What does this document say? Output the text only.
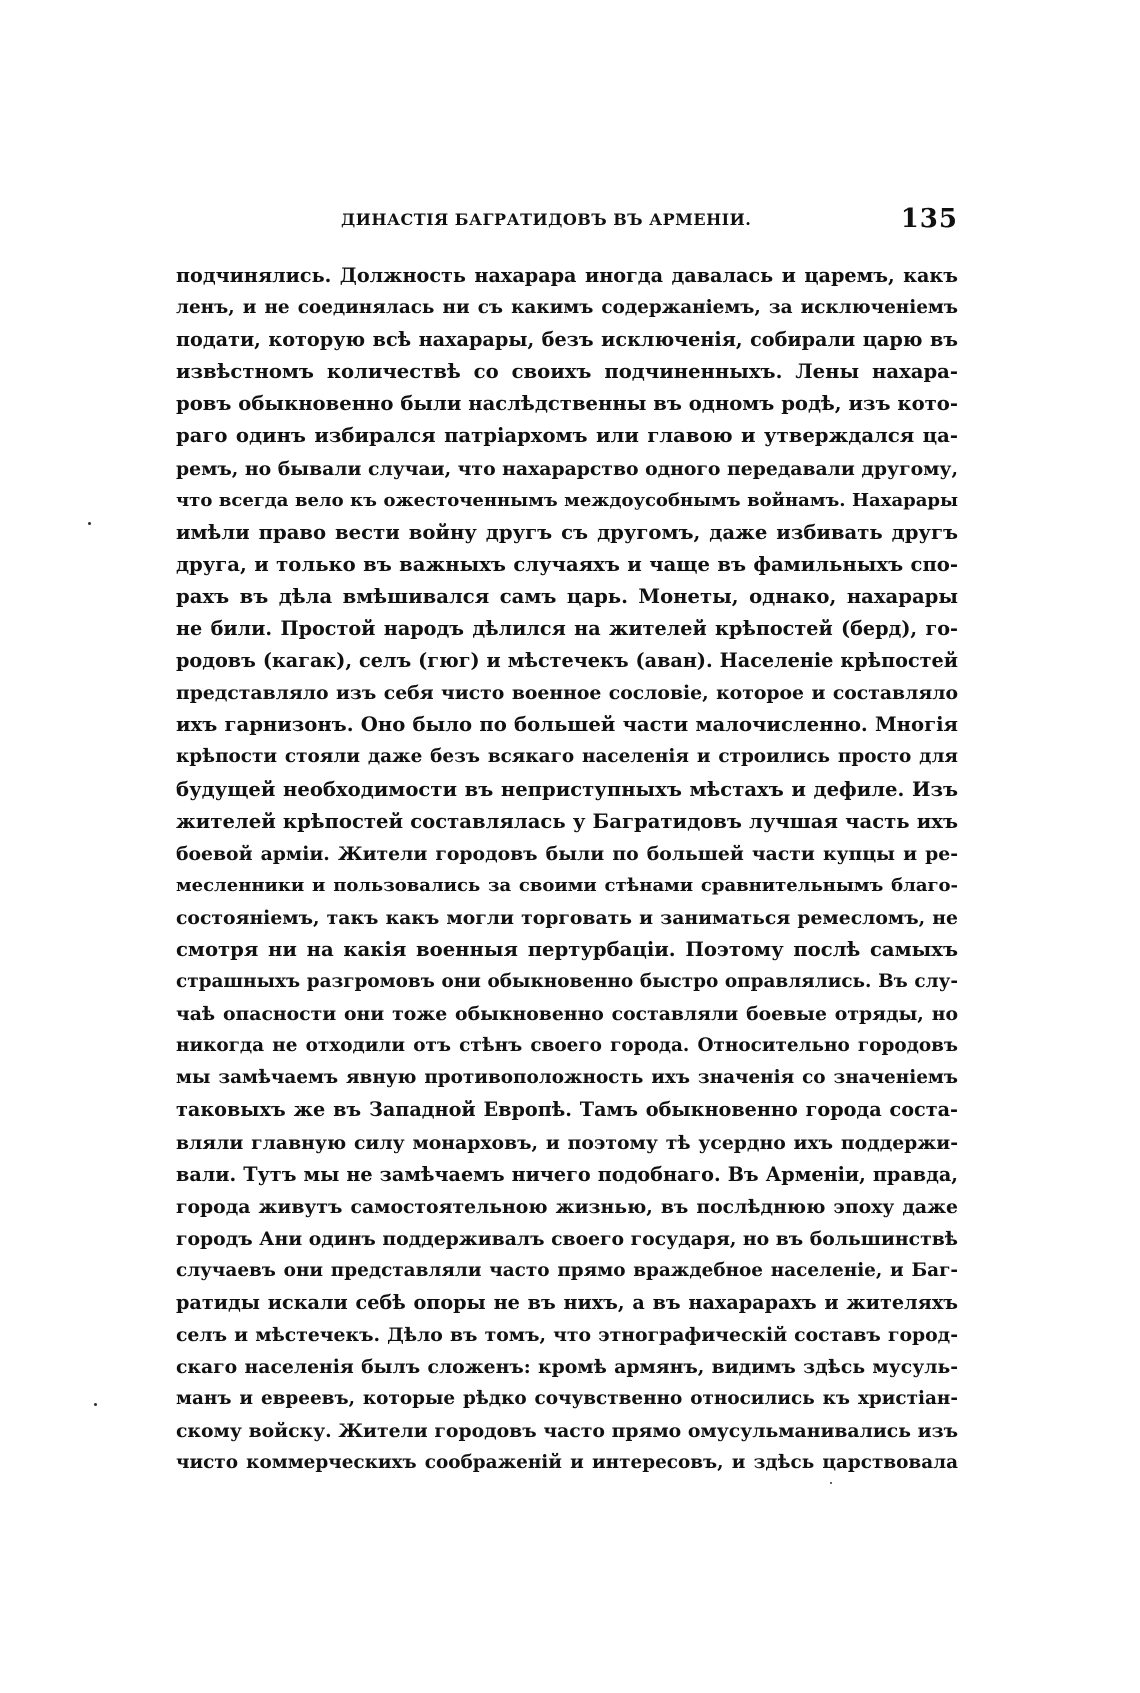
ДИНАСТIЯ БАГРАТИДОВЪ ВЪ АРМЕНIИ.	135
подчинялись. Должность нахарара иногда давалась и царемъ, какъ
ленъ, и не соединялась ни съ какимъ содержанiемъ, за исключенiемъ
подати, которую всѣ нахарары, безъ исключенiя, собирали царю въ
извѣстномъ количествѣ со своихъ подчиненныхъ. Лены нахара-
ровъ обыкновенно были наслѣдственны въ одномъ родѣ, изъ кото-
раго одинъ избирался патрiархомъ или главою и утверждался ца-
ремъ, но бывали случаи, что нахарарство одного передавали другому,
что всегда вело къ ожесточеннымъ междоусобнымъ войнамъ. Нахарары
имѣли право вести войну другъ съ другомъ, даже избивать другъ
друга, и только въ важныхъ случаяхъ и чаще въ фамильныхъ спо-
рахъ въ дѣла вмѣшивался самъ царь. Монеты, однако, нахарары
не били. Простой народъ дѣлился на жителей крѣпостей (берд), го-
родовъ (кагак), селъ (гюг) и мѣстечекъ (аван). Населенiе крѣпостей
представляло изъ себя чисто военное сословiе, которое и составляло
ихъ гарнизонъ. Оно было по большей части малочисленно. Многiя
крѣпости стояли даже безъ всякаго населенiя и строились просто для
будущей необходимости въ неприступныхъ мѣстахъ и дефиле. Изъ
жителей крѣпостей составлялась у Багратидовъ лучшая часть ихъ
боевой армiи. Жители городовъ были по большей части купцы и ре-
месленники и пользовались за своими стѣнами сравнительнымъ благо-
состоянiемъ, такъ какъ могли торговать и заниматься ремесломъ, не
смотря ни на какiя военныя пертурбацiи. Поэтому послѣ самыхъ
страшныхъ разгромовъ они обыкновенно быстро оправлялись. Въ слу-
чаѣ опасности они тоже обыкновенно составляли боевые отряды, но
никогда не отходили отъ стѣнъ своего города. Относительно городовъ
мы замѣчаемъ явную противоположность ихъ значенiя со значенiемъ
таковыхъ же въ Западной Европѣ. Тамъ обыкновенно города соста-
вляли главную силу монарховъ, и поэтому тѣ усердно ихъ поддержи-
вали. Тутъ мы не замѣчаемъ ничего подобнаго. Въ Арменiи, правда,
города живутъ самостоятельною жизнью, въ послѣднюю эпоху даже
городъ Ани одинъ поддерживалъ своего государя, но въ большинствѣ
случаевъ они представляли часто прямо враждебное населенiе, и Баг-
ратиды искали себѣ опоры не въ нихъ, а въ нахарарахъ и жителяхъ
селъ и мѣстечекъ. Дѣло въ томъ, что этнографическiй составъ город-
скаго населенiя былъ сложенъ: кромѣ армянъ, видимъ здѣсь мусуль-
манъ и евреевъ, которые рѣдко сочувственно относились къ христiан-
скому войску. Жители городовъ часто прямо омусульманивались изъ
чисто коммерческихъ соображенiй и интересовъ, и здѣсь царствовала
